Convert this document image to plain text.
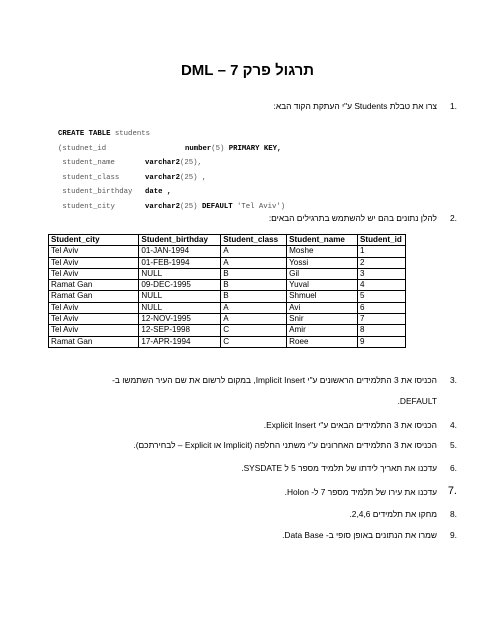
תרגול פרק 7 – DML
1.
צרו את טבלת Students ע"י העתקת הקוד הבא:
CREATE TABLE students
(studnet_id	number(5) PRIMARY KEY,
student_name	varchar2(25),
student_class	varchar2(25) ,
student_birthday date ,
student_city	varchar2(25) DEFAULT 'Tel Aviv')
2.
להלן נתונים בהם יש להשתמש בתרגילים הבאים:
Student_city	Student_birthday	Student_class	Student_name	Student_id
Tel Aviv	01-JAN-1994	A	Moshe	1
Tel Aviv	01-FEB-1994	A	Yossi	2
Tel Aviv	NULL	B	Gil	3
Ramat Gan	09-DEC-1995	B	Yuval	4
Ramat Gan	NULL	B	Shmuel	5
Tel Aviv	NULL	A	Avi	6
Tel Aviv	12-NOV-1995	A	Snir	7
Tel Aviv	12-SEP-1998	C	Amir	8
Ramat Gan	17-APR-1994	C	Roee	9
3.
הכניסו את 3 התלמידים הראשונים ע"י Implicit Insert, במקום לרשום את שם העיר השתמשו ב-
DEFAULT.
4.
הכניסו את 3 התלמידים הבאים ע"י Explicit Insert.
5.
הכניסו את 3 התלמידים האחרונים ע"י משתני החלפה (Implicit או Explicit – לבחירתכם).
6.
עדכנו את תאריך לידתו של תלמיד מספר 5 ל SYSDATE.
7.
עדכנו את עירו של תלמיד מספר 7 ל- Holon.
8.
מחקו את תלמידים 2,4,6.
9.
שמרו את הנתונים באופן סופי ב- Data Base.
